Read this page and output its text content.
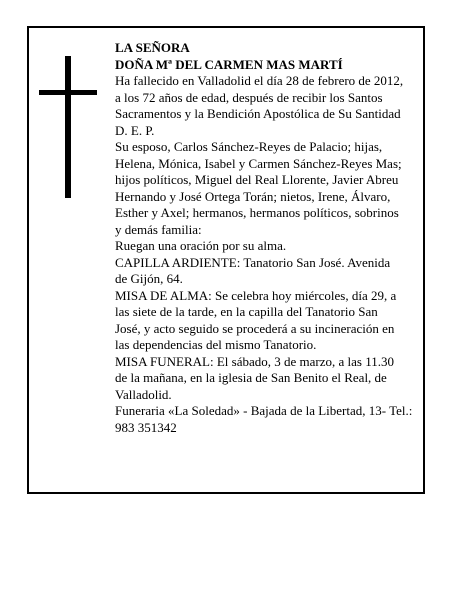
LA SEÑORA

DOÑA Mª DEL CARMEN MAS MARTÍ

Ha fallecido en Valladolid el día 28 de febrero de 2012,

a los 72 años de edad, después de recibir los Santos

Sacramentos y la Bendición Apostólica de Su Santidad

D. E. P.

Su esposo, Carlos Sánchez-Reyes de Palacio; hijas,

Helena, Mónica, Isabel y Carmen Sánchez-Reyes Mas;

hijos políticos, Miguel del Real Llorente, Javier Abreu

Hernando y José Ortega Torán; nietos, Irene, Álvaro,

Esther y Axel; hermanos, hermanos políticos, sobrinos

y demás familia:

Ruegan una oración por su alma.

CAPILLA ARDIENTE: Tanatorio San José. Avenida

de Gijón, 64.

MISA DE ALMA: Se celebra hoy miércoles, día 29, a

las siete de la tarde, en la capilla del Tanatorio San

José, y acto seguido se procederá a su incineración en

las dependencias del mismo Tanatorio.

MISA FUNERAL: El sábado, 3 de marzo, a las 11.30

de la mañana, en la iglesia de San Benito el Real, de

Valladolid.

Funeraria «La Soledad» - Bajada de la Libertad, 13- Tel.:

983 351342
